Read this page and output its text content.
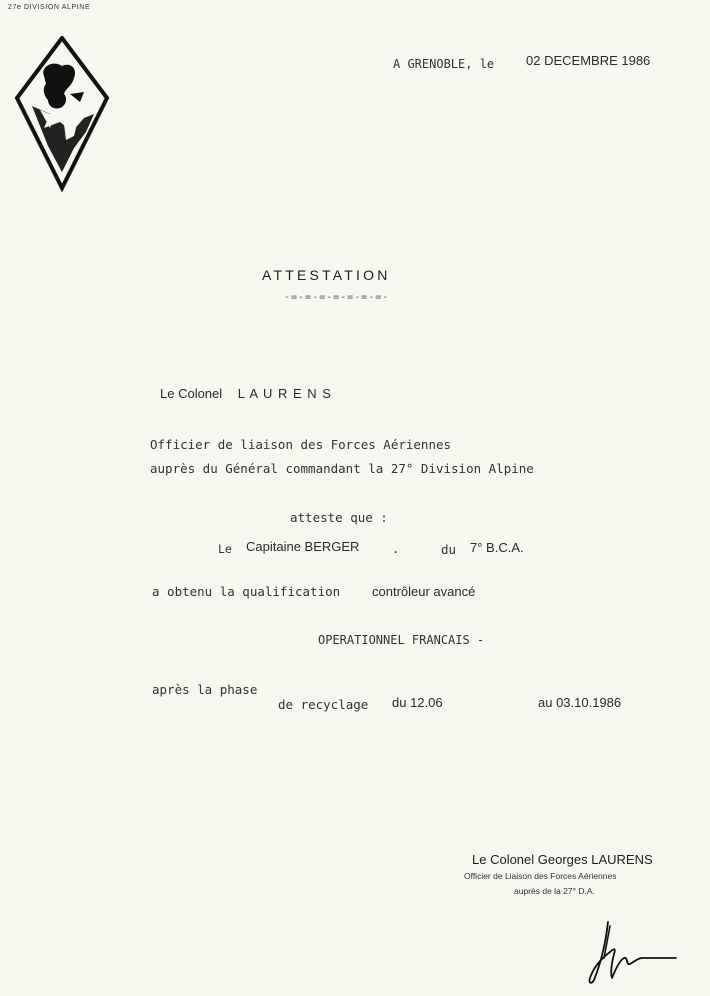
27e DIVISION ALPINE
A GRENOBLE, le 02 DECEMBRE 1986
ATTESTATION
-=-=-=-=-=-=-=-
Le Colonel L A U R E N S
Officier de liaison des Forces Aériennes
auprès du Général commandant la 27° Division Alpine
atteste que :
Le Capitaine BERGER	.	du 7° B.C.A.
a obtenu la qualification contrôleur avancé
OPERATIONNEL FRANCAIS -
après la phase
de recyclage du 12.06	au 03.10.1986
Le Colonel Georges LAURENS
Officier de Liaison des Forces Aériennes
auprès de la 27° D.A.
